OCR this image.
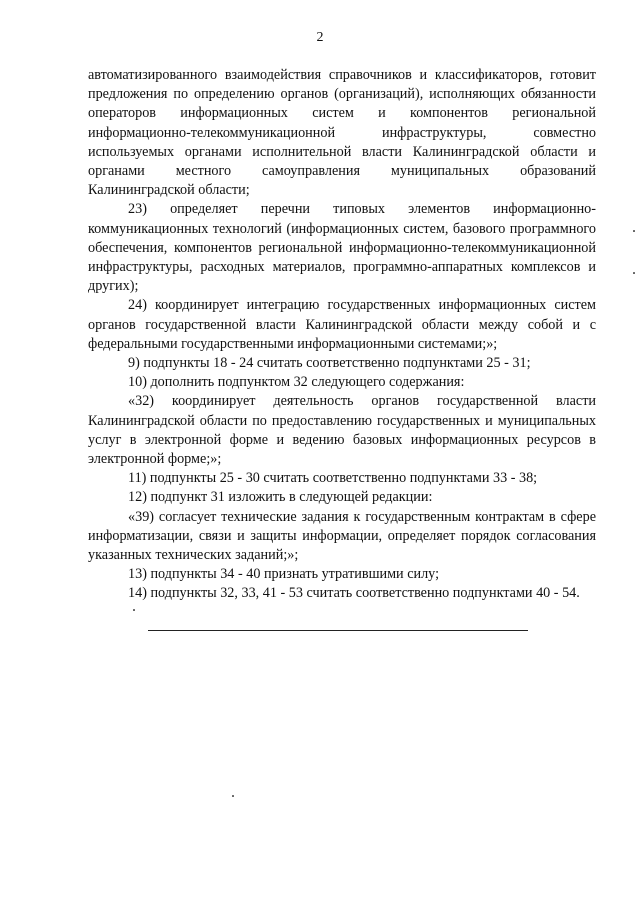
2

автоматизированного взаимодействия справочников и классификаторов, готовит предложения по определению органов (организаций), исполняющих обязанности операторов информационных систем и компонентов региональной информационно-телекоммуникационной инфраструктуры, совместно используемых органами исполнительной власти Калининградской области и органами местного самоуправления муниципальных образований Калининградской области;

23) определяет перечни типовых элементов информационно-коммуникационных технологий (информационных систем, базового программного обеспечения, компонентов региональной информационно-телекоммуникационной инфраструктуры, расходных материалов, программно-аппаратных комплексов и других);

24) координирует интеграцию государственных информационных систем органов государственной власти Калининградской области между собой и с федеральными государственными информационными системами;»;

9) подпункты 18 - 24 считать соответственно подпунктами 25 - 31;

10) дополнить подпунктом 32 следующего содержания:

«32) координирует деятельность органов государственной власти Калининградской области по предоставлению государственных и муниципальных услуг в электронной форме и ведению базовых информационных ресурсов в электронной форме;»;

11) подпункты 25 - 30 считать соответственно подпунктами 33 - 38;

12) подпункт 31 изложить в следующей редакции:

«39) согласует технические задания к государственным контрактам в сфере информатизации, связи и защиты информации, определяет порядок согласования указанных технических заданий;»;

13) подпункты 34 - 40 признать утратившими силу;

14) подпункты 32, 33, 41 - 53 считать соответственно подпунктами 40 - 54.
